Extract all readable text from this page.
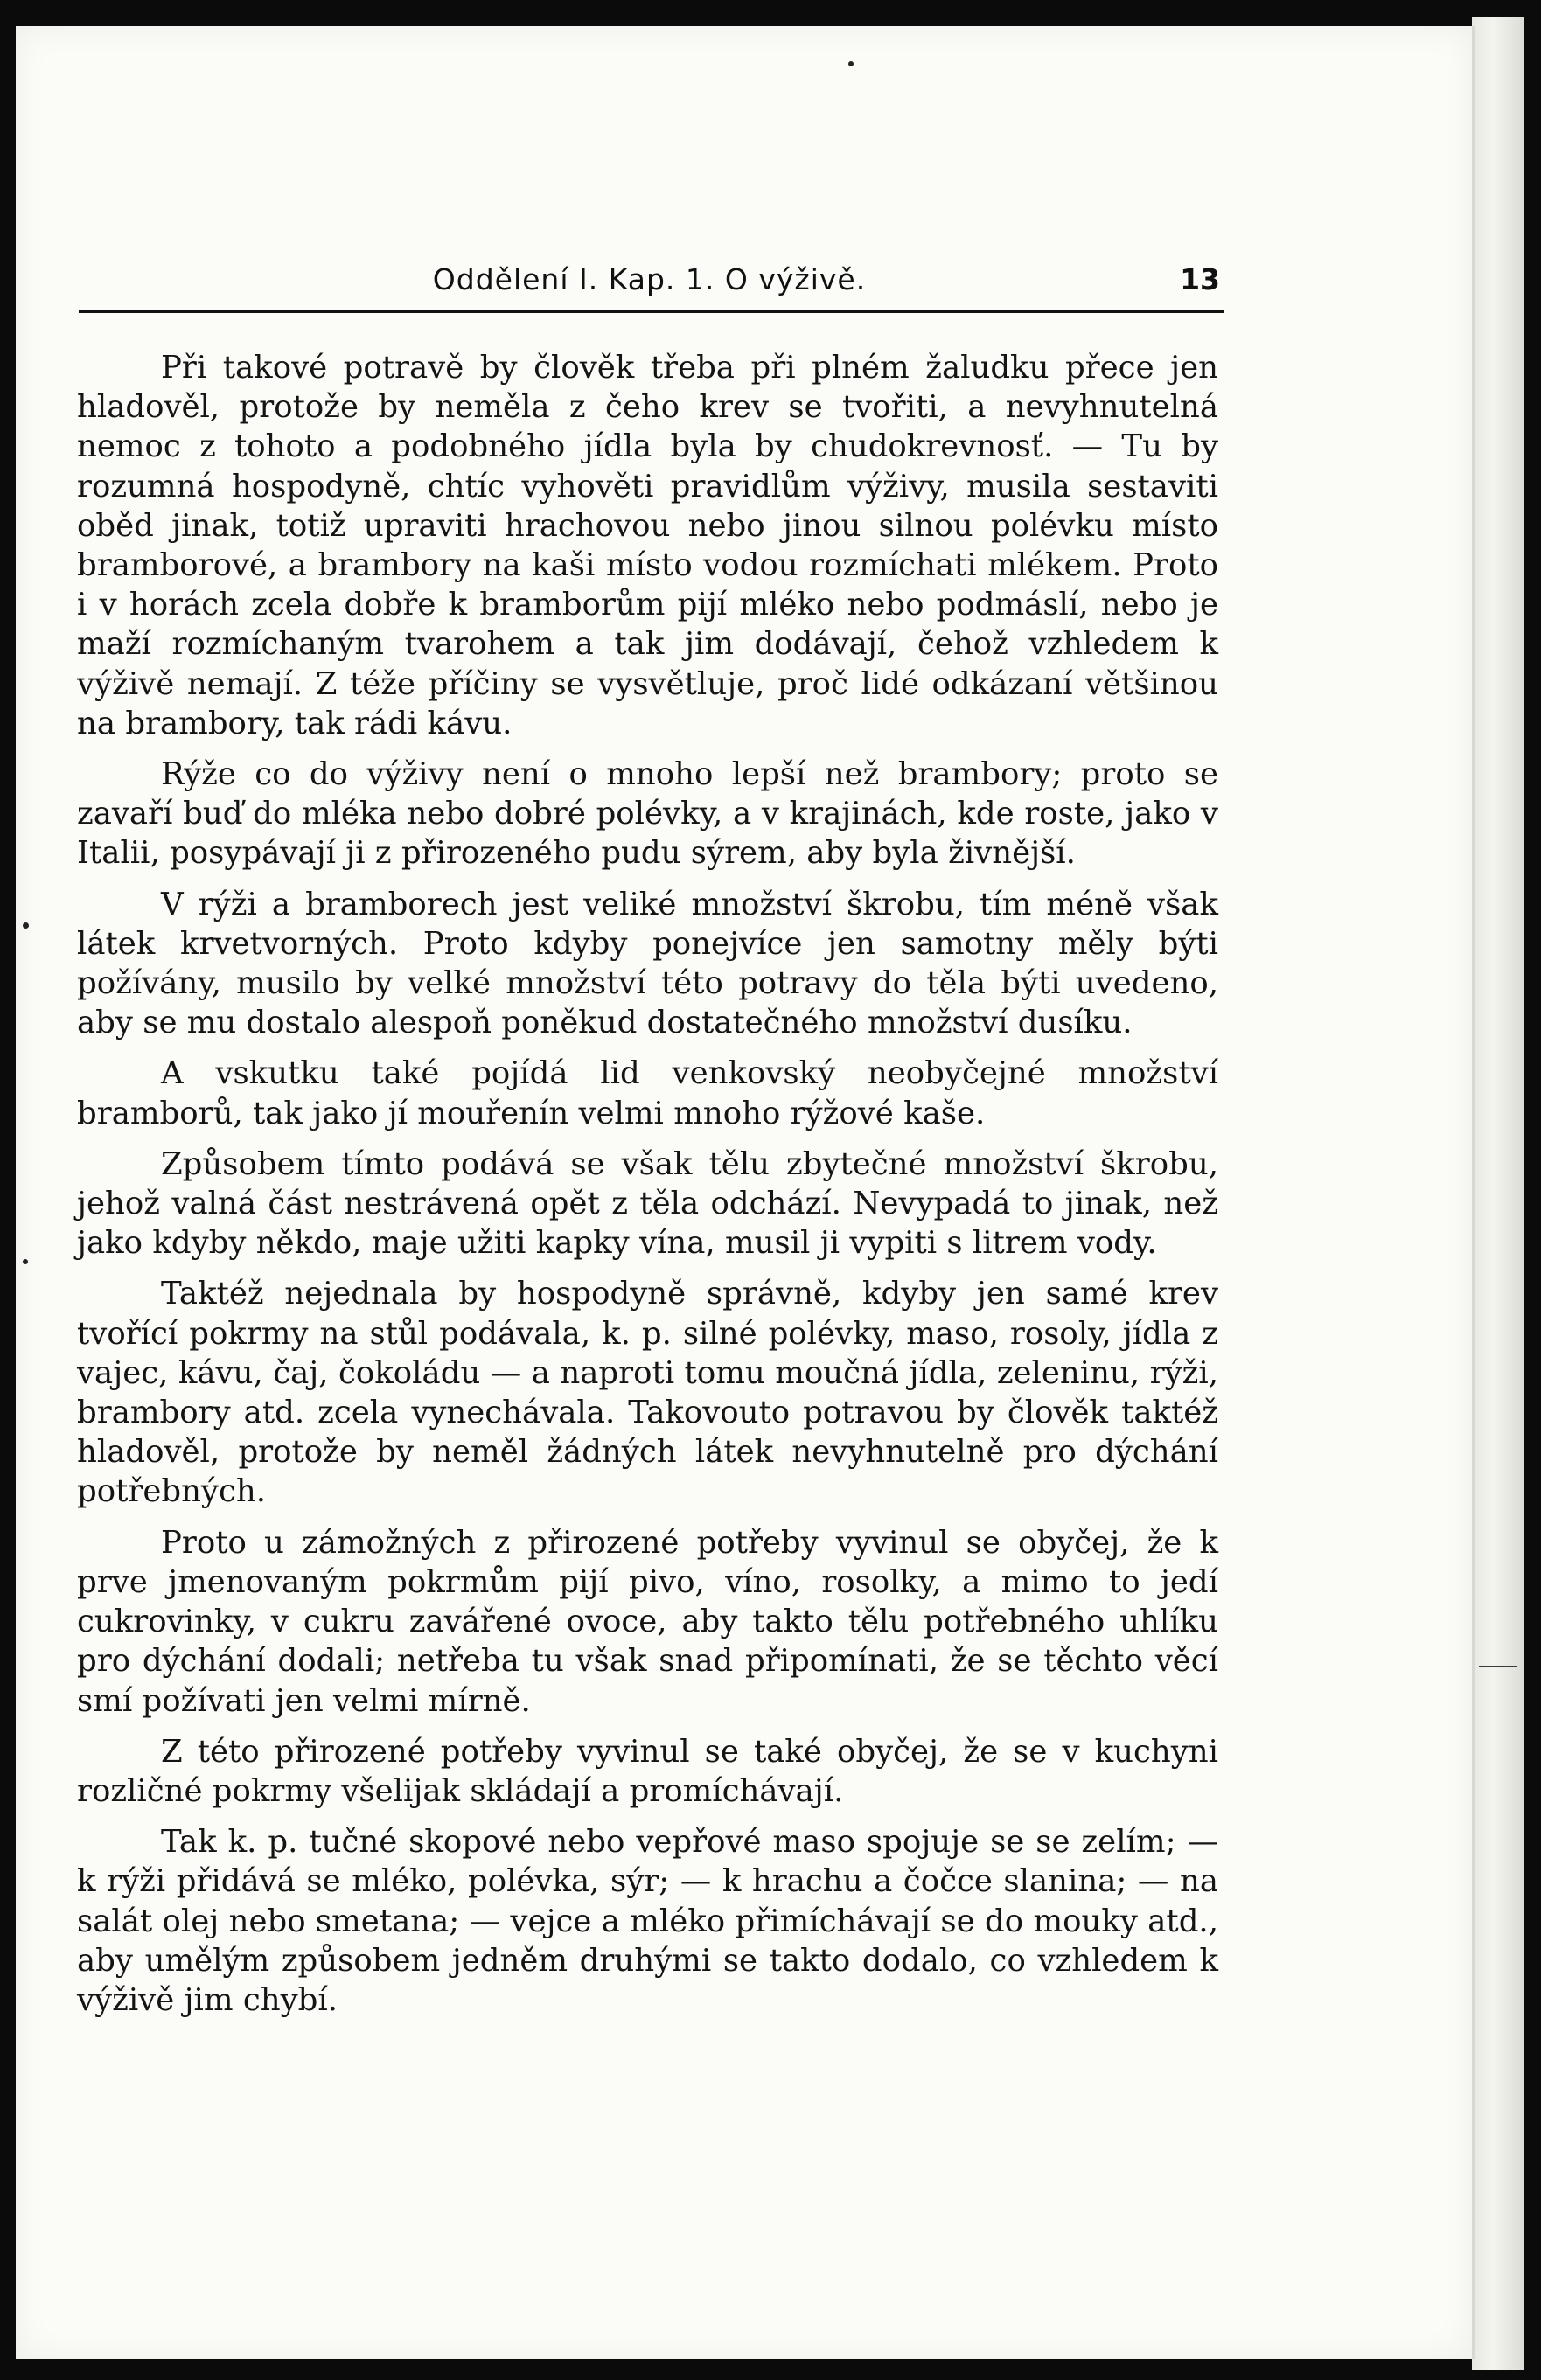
Oddělení I. Kap. 1. O výživě.	13

Při takové potravě by člověk třeba při plném žaludku přece jen hladověl, protože by neměla z čeho krev se tvořiti, a nevyhnutelná nemoc z tohoto a podobného jídla byla by chudokrevnosť. — Tu by rozumná hospodyně, chtíc vyhověti pravidlům výživy, musila sestaviti oběd jinak, totiž upraviti hrachovou nebo jinou silnou polévku místo bramborové, a brambory na kaši místo vodou rozmíchati mlékem. Proto i v horách zcela dobře k bramborům pijí mléko nebo podmáslí, nebo je maží rozmíchaným tvarohem a tak jim dodávají, čehož vzhledem k výživě nemají. Z téže příčiny se vysvětluje, proč lidé odkázaní většinou na brambory, tak rádi kávu.

Rýže co do výživy není o mnoho lepší než brambory; proto se zavaří buď do mléka nebo dobré polévky, a v krajinách, kde roste, jako v Italii, posypávají ji z přirozeného pudu sýrem, aby byla živnější.

V rýži a bramborech jest veliké množství škrobu, tím méně však látek krvetvorných. Proto kdyby ponejvíce jen samotny měly býti požívány, musilo by velké množství této potravy do těla býti uvedeno, aby se mu dostalo alespoň poněkud dostatečného množství dusíku.

A vskutku také pojídá lid venkovský neobyčejné množství bramborů, tak jako jí mouřenín velmi mnoho rýžové kaše.

Způsobem tímto podává se však tělu zbytečné množství škrobu, jehož valná část nestrávená opět z těla odchází. Nevypadá to jinak, než jako kdyby někdo, maje užiti kapky vína, musil ji vypiti s litrem vody.

Taktéž nejednala by hospodyně správně, kdyby jen samé krev tvořící pokrmy na stůl podávala, k. p. silné polévky, maso, rosoly, jídla z vajec, kávu, čaj, čokoládu — a naproti tomu moučná jídla, zeleninu, rýži, brambory atd. zcela vynechávala. Takovouto potravou by člověk taktéž hladověl, protože by neměl žádných látek nevyhnutelně pro dýchání potřebných.

Proto u zámožných z přirozené potřeby vyvinul se obyčej, že k prve jmenovaným pokrmům pijí pivo, víno, rosolky, a mimo to jedí cukrovinky, v cukru zavářené ovoce, aby takto tělu potřebného uhlíku pro dýchání dodali; netřeba tu však snad připomínati, že se těchto věcí smí požívati jen velmi mírně.

Z této přirozené potřeby vyvinul se také obyčej, že se v kuchyni rozličné pokrmy všelijak skládají a promíchávají.

Tak k. p. tučné skopové nebo vepřové maso spojuje se se zelím; — k rýži přidává se mléko, polévka, sýr; — k hrachu a čočce slanina; — na salát olej nebo smetana; — vejce a mléko přimíchávají se do mouky atd., aby umělým způsobem jedněm druhými se takto dodalo, co vzhledem k výživě jim chybí.
